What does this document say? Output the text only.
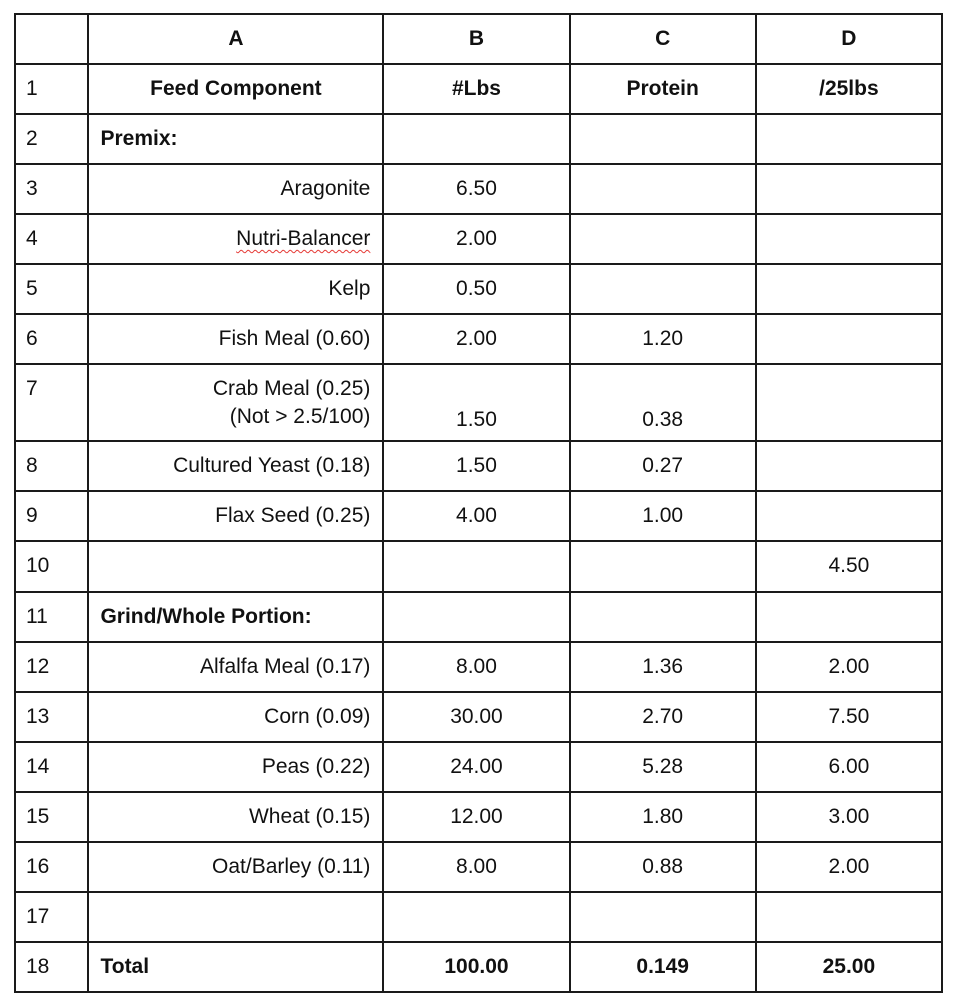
	A	B	C	D
1	Feed Component	#Lbs	Protein	/25lbs
2	Premix:			
3	Aragonite	6.50		
4	Nutri-Balancer	2.00		
5	Kelp	0.50		
6	Fish Meal (0.60)	2.00	1.20	
7	Crab Meal (0.25)
(Not > 2.5/100)	1.50	0.38	
8	Cultured Yeast (0.18)	1.50	0.27	
9	Flax Seed (0.25)	4.00	1.00	
10				4.50
11	Grind/Whole Portion:			
12	Alfalfa Meal (0.17)	8.00	1.36	2.00
13	Corn (0.09)	30.00	2.70	7.50
14	Peas (0.22)	24.00	5.28	6.00
15	Wheat (0.15)	12.00	1.80	3.00
16	Oat/Barley (0.11)	8.00	0.88	2.00
17				
18	Total	100.00	0.149	25.00
